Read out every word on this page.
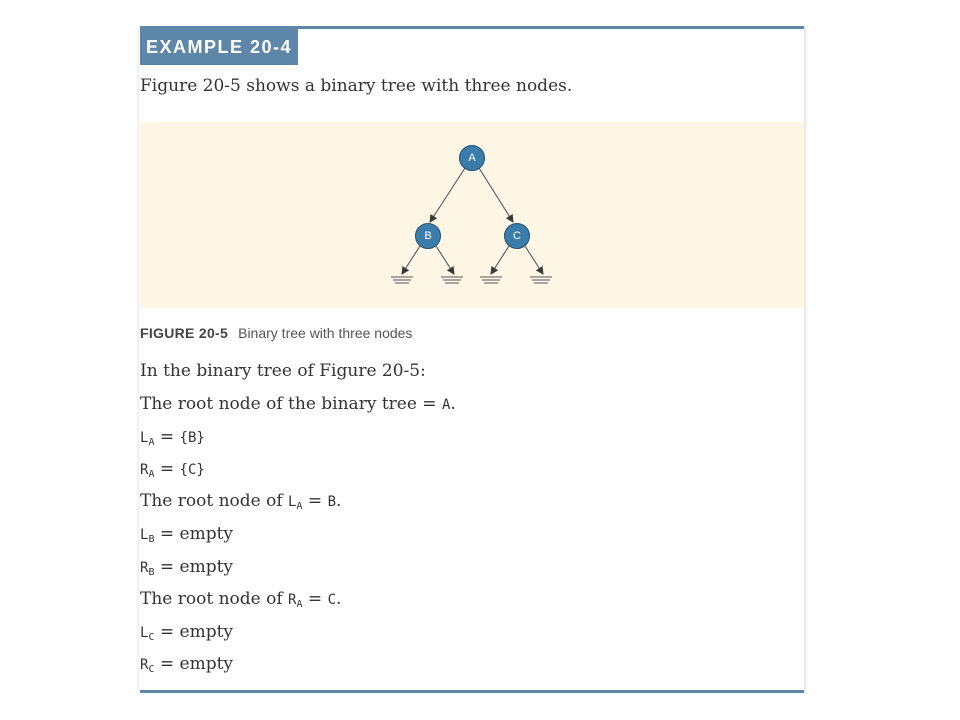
EXAMPLE 20-4
Figure 20-5 shows a binary tree with three nodes.
A
B	C
FIGURE 20-5 Binary tree with three nodes
In the binary tree of Figure 20-5:
The root node of the binary tree = A.
$L_A = \{B\}$
$R_A = \{C\}$
The root node of $L_A = B$.
$L_B$ = empty
$R_B$ = empty
The root node of $R_A = C$.
$L_C$ = empty
$R_C$ = empty
